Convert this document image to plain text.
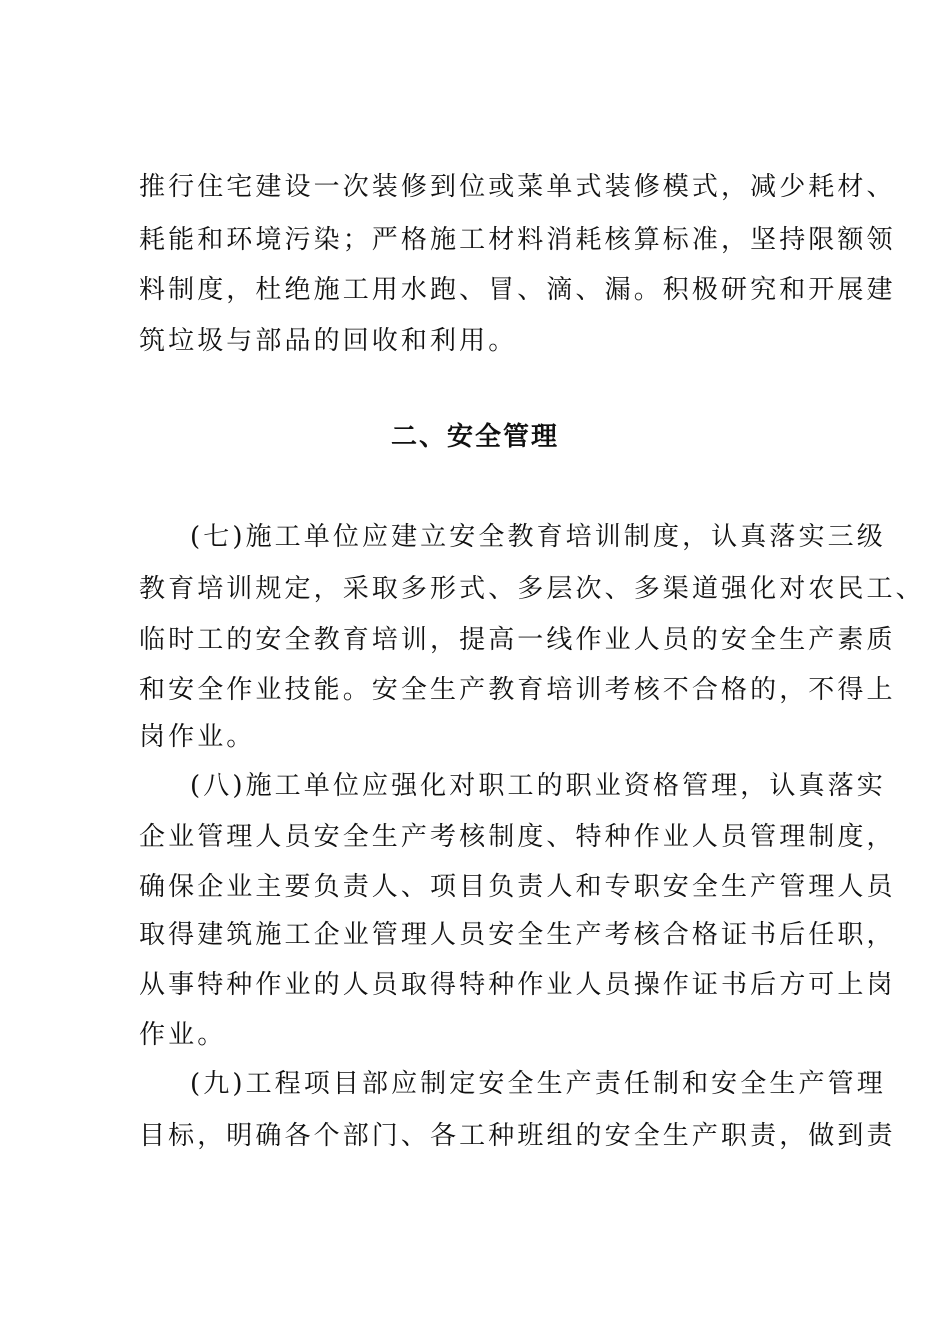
推行住宅建设一次装修到位或菜单式装修模式，减少耗材、
耗能和环境污染；严格施工材料消耗核算标准，坚持限额领
料制度，杜绝施工用水跑、冒、滴、漏。积极研究和开展建
筑垃圾与部品的回收和利用。
二、安全管理
(七)施工单位应建立安全教育培训制度，认真落实三级
教育培训规定，采取多形式、多层次、多渠道强化对农民工、
临时工的安全教育培训，提高一线作业人员的安全生产素质
和安全作业技能。安全生产教育培训考核不合格的，不得上
岗作业。
(八)施工单位应强化对职工的职业资格管理，认真落实
企业管理人员安全生产考核制度、特种作业人员管理制度，
确保企业主要负责人、项目负责人和专职安全生产管理人员
取得建筑施工企业管理人员安全生产考核合格证书后任职，
从事特种作业的人员取得特种作业人员操作证书后方可上岗
作业。
(九)工程项目部应制定安全生产责任制和安全生产管理
目标，明确各个部门、各工种班组的安全生产职责，做到责
